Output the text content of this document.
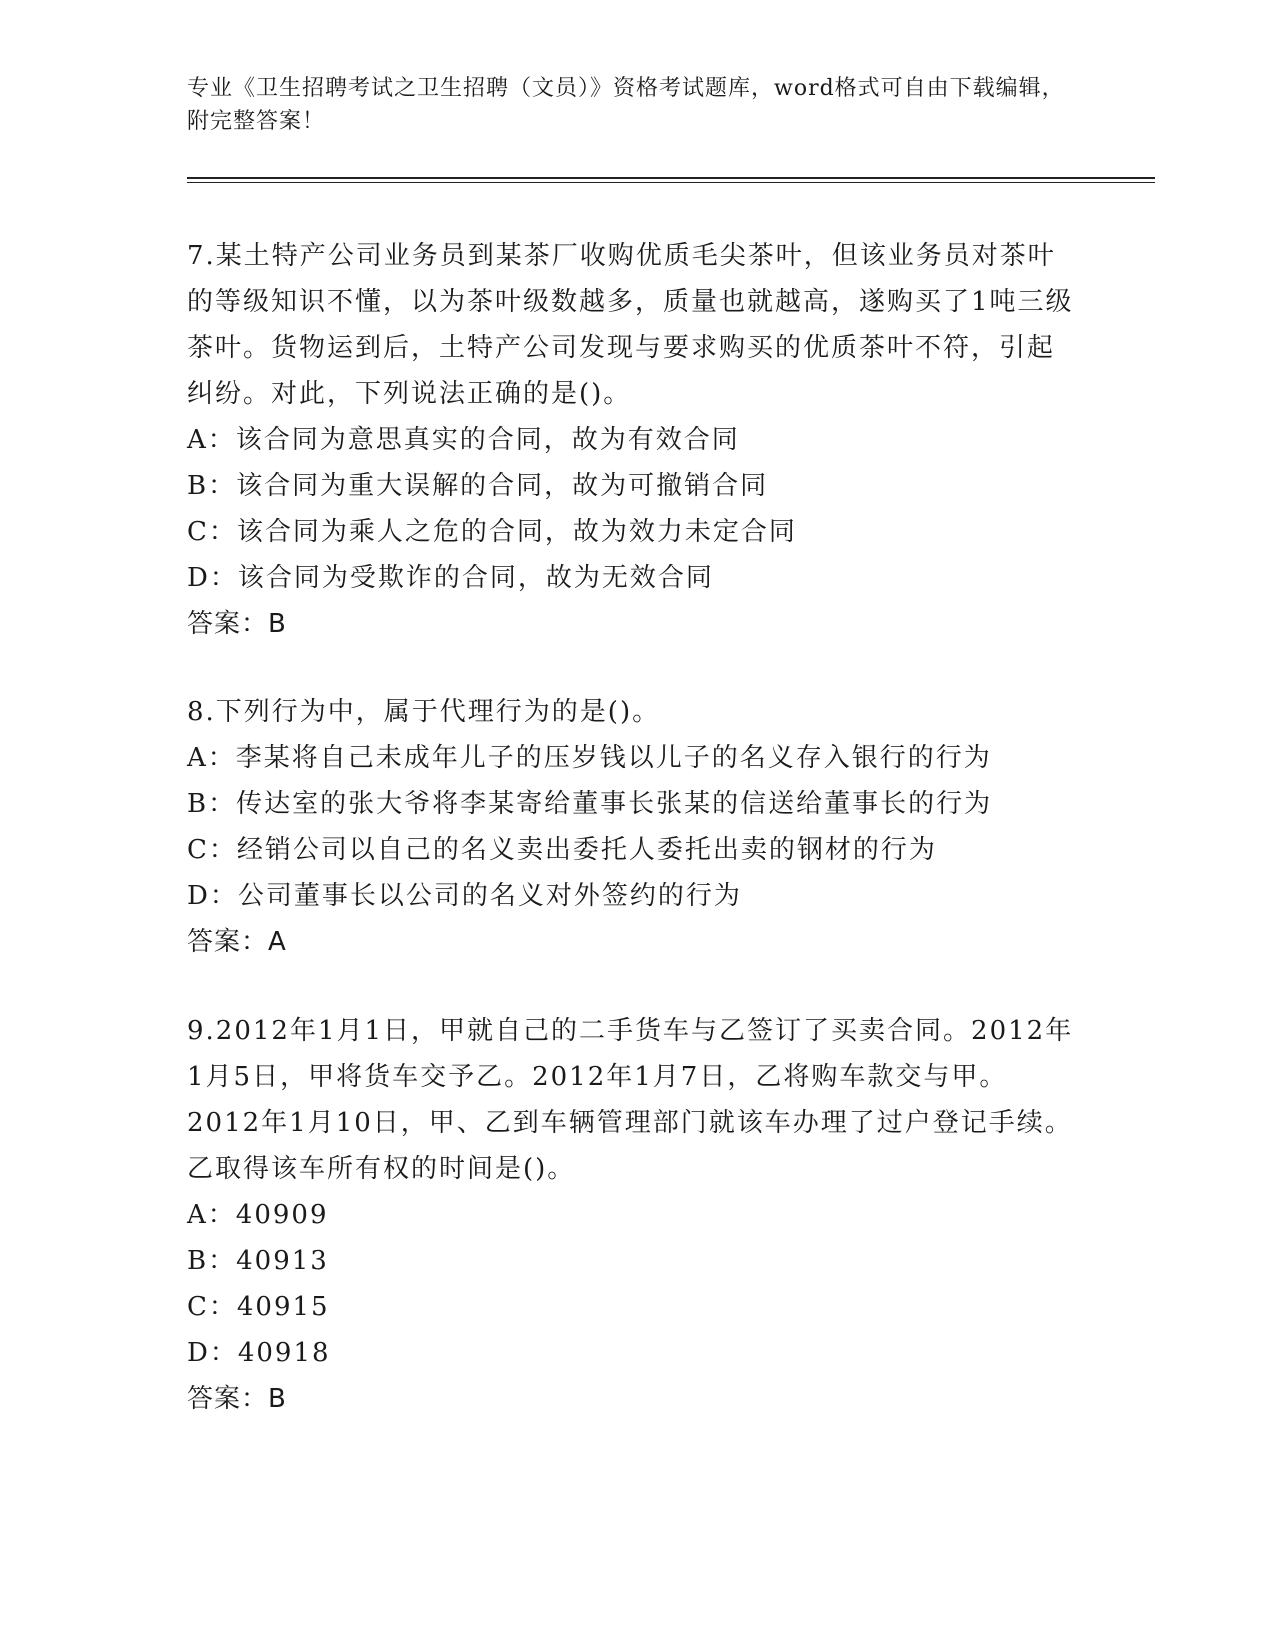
专业《卫生招聘考试之卫生招聘（文员）》资格考试题库，word格式可自由下载编辑，附完整答案！

7.某土特产公司业务员到某茶厂收购优质毛尖茶叶，但该业务员对茶叶的等级知识不懂，以为茶叶级数越多，质量也就越高，遂购买了1吨三级茶叶。货物运到后，土特产公司发现与要求购买的优质茶叶不符，引起纠纷。对此，下列说法正确的是()。

A：该合同为意思真实的合同，故为有效合同

B：该合同为重大误解的合同，故为可撤销合同

C：该合同为乘人之危的合同，故为效力未定合同

D：该合同为受欺诈的合同，故为无效合同

答案：B

8.下列行为中，属于代理行为的是()。

A：李某将自己未成年儿子的压岁钱以儿子的名义存入银行的行为

B：传达室的张大爷将李某寄给董事长张某的信送给董事长的行为

C：经销公司以自己的名义卖出委托人委托出卖的钢材的行为

D：公司董事长以公司的名义对外签约的行为

答案：A

9.2012年1月1日，甲就自己的二手货车与乙签订了买卖合同。2012年1月5日，甲将货车交予乙。2012年1月7日，乙将购车款交与甲。2012年1月10日，甲、乙到车辆管理部门就该车办理了过户登记手续。乙取得该车所有权的时间是()。

A：40909

B：40913

C：40915

D：40918

答案：B
